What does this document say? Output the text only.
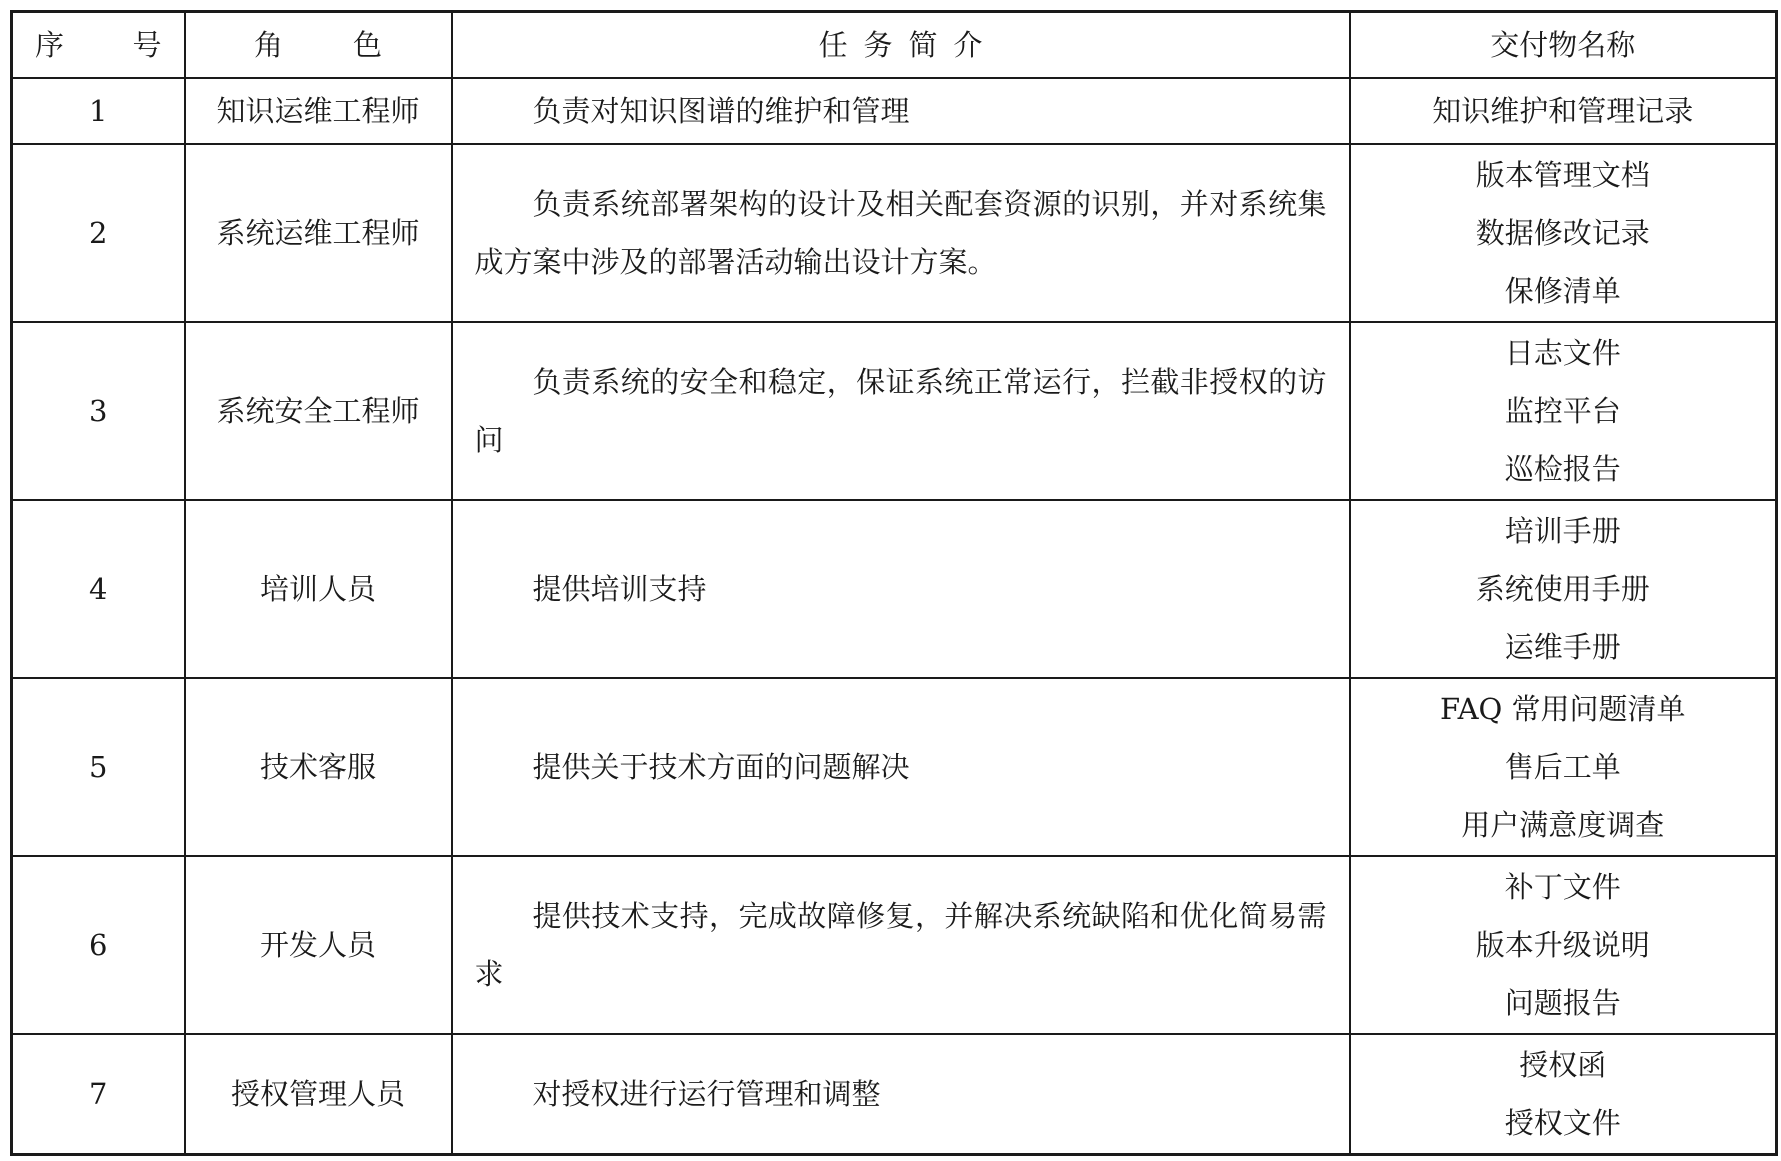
序 号	角 色	任务简介	交付物名称
1	知识运维工程师	负责对知识图谱的维护和管理	知识维护和管理记录

2	系统运维工程师	负责系统部署架构的设计及相关配套资源的识别，并对系统集成方案中涉及的部署活动输出设计方案。	版本管理文档
数据修改记录
保修清单

3	系统安全工程师	负责系统的安全和稳定，保证系统正常运行，拦截非授权的访问	日志文件
监控平台
巡检报告

4	培训人员	提供培训支持	培训手册
系统使用手册
运维手册

5	技术客服	提供关于技术方面的问题解决	FAQ 常用问题清单
售后工单
用户满意度调查

6	开发人员	提供技术支持，完成故障修复，并解决系统缺陷和优化简易需求	补丁文件
版本升级说明
问题报告

7	授权管理人员	对授权进行运行管理和调整	授权函
授权文件
